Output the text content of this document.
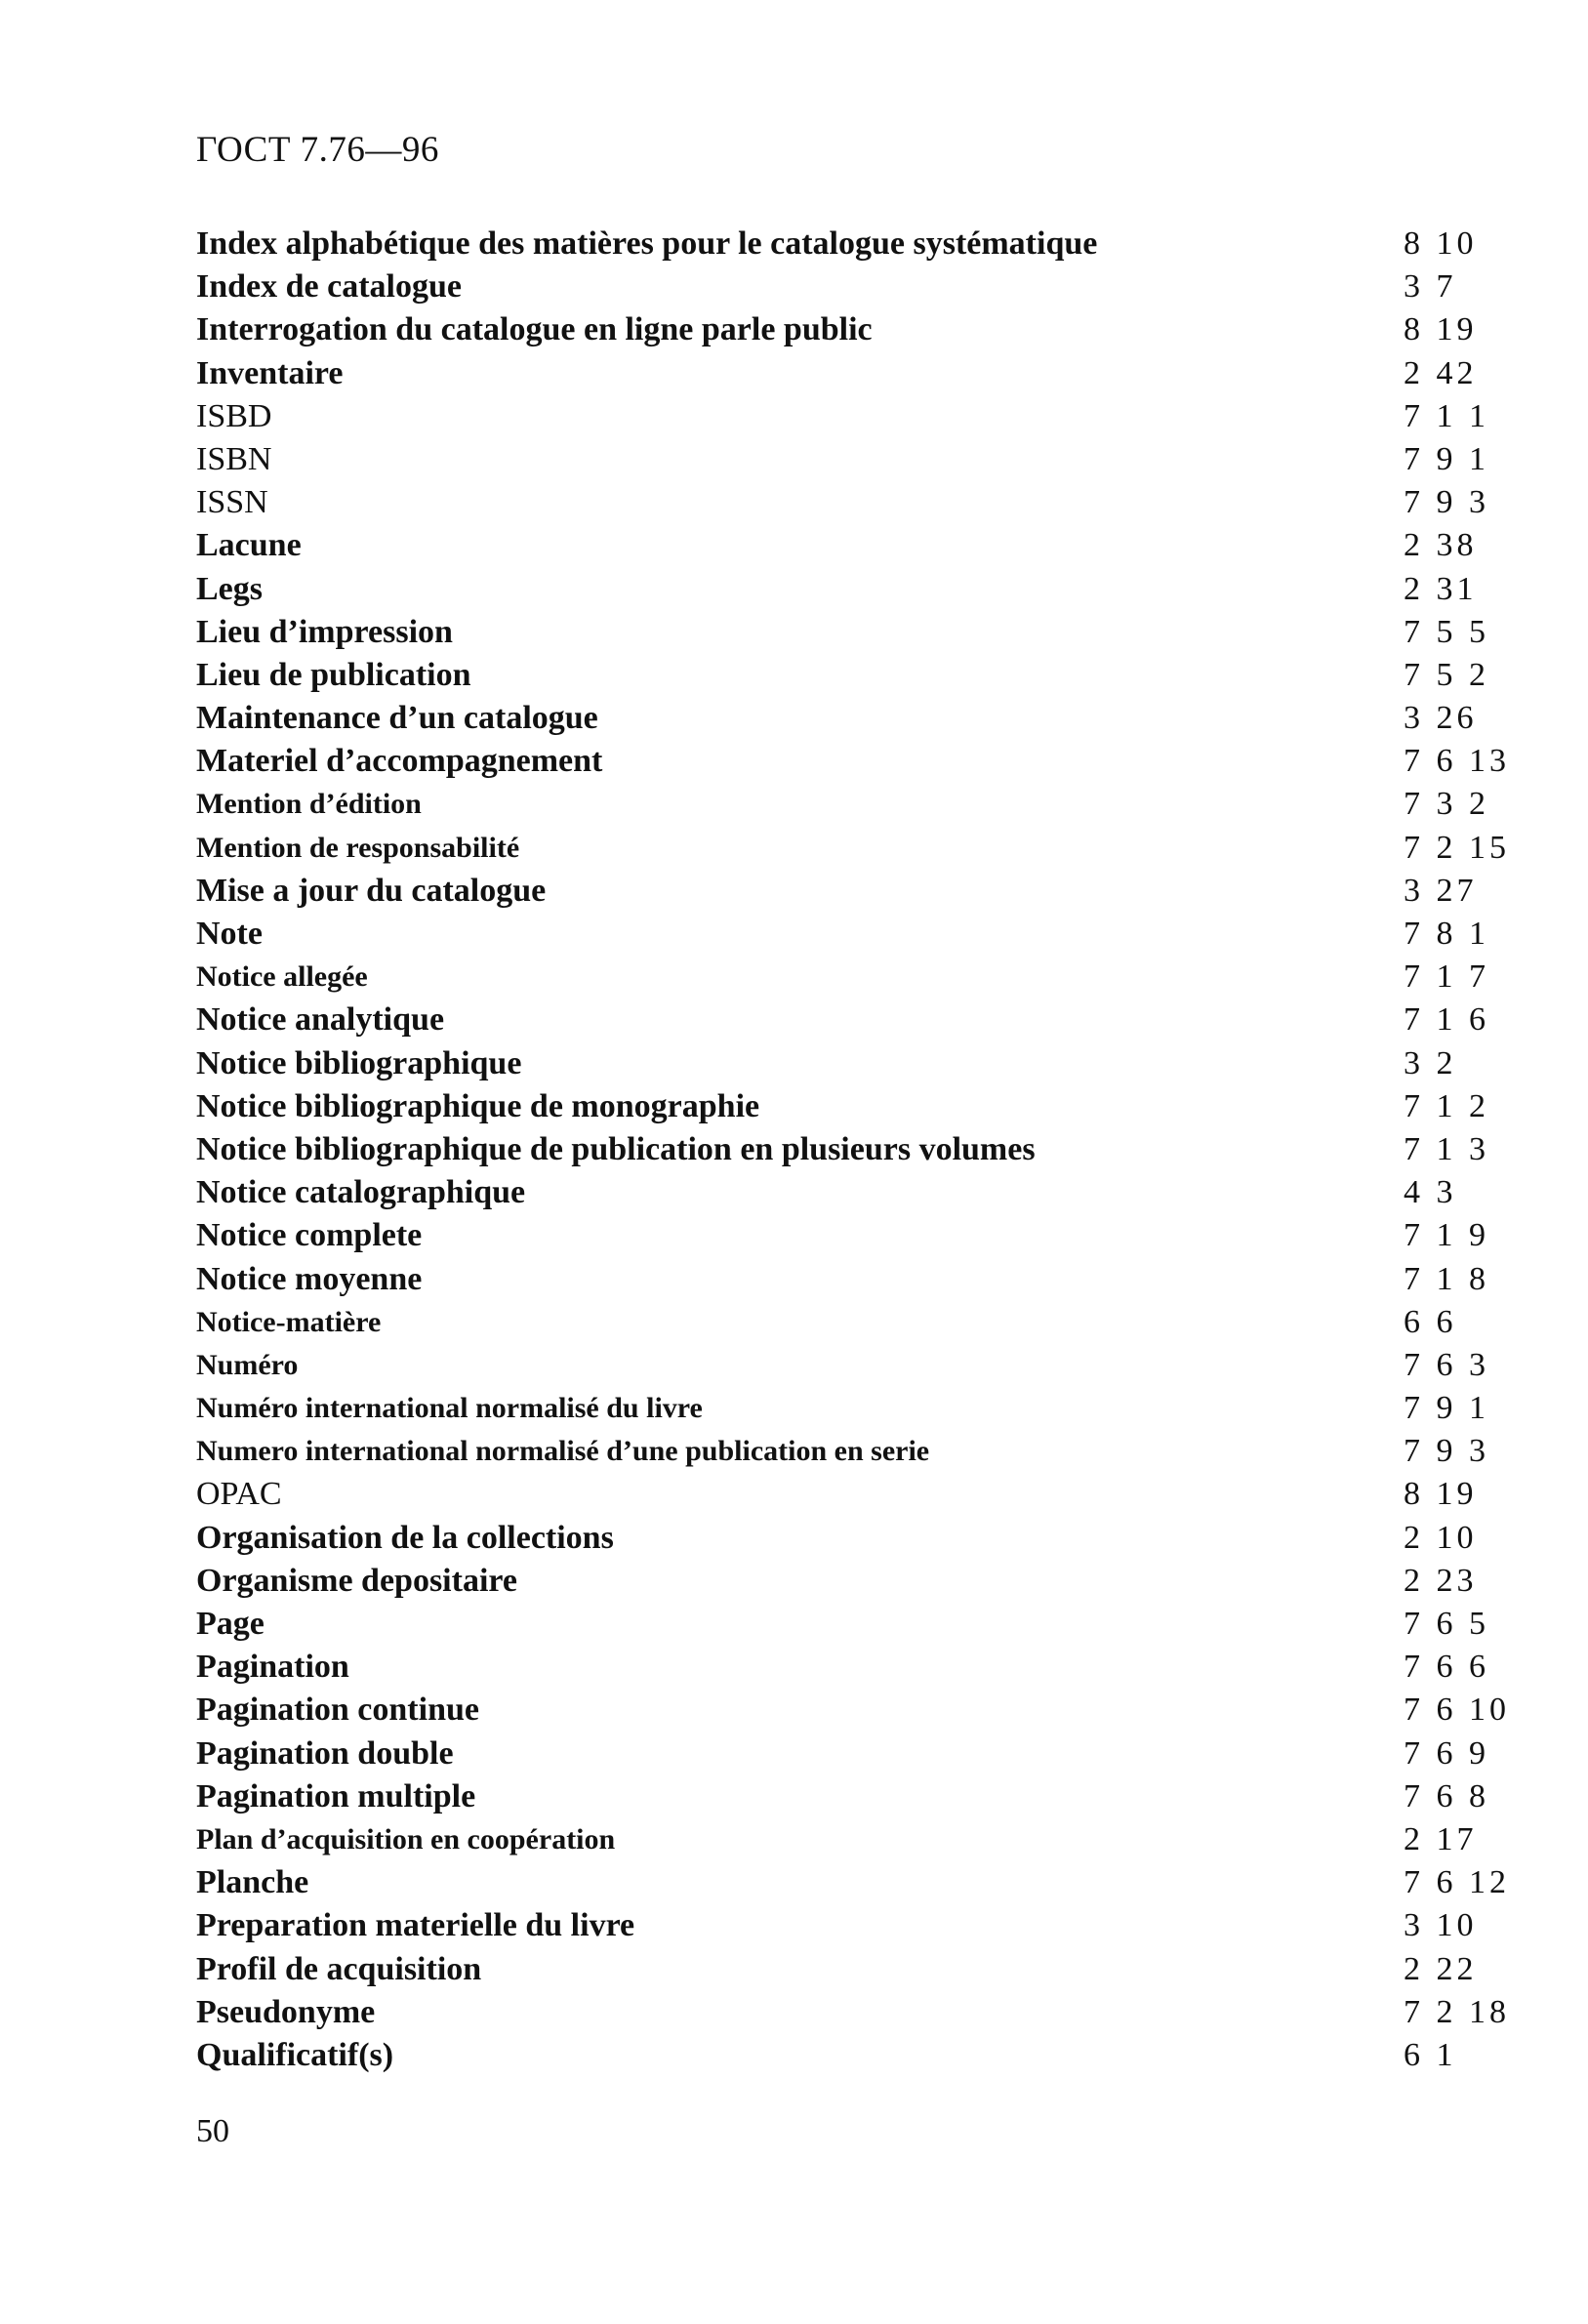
ГОСТ 7.76—96
Index alphabétique des matières pour le catalogue systématique	8 10
Index de catalogue	3 7
Interrogation du catalogue en ligne parle public	8 19
Inventaire	2 42
ISBD	7 1 1
ISBN	7 9 1
ISSN	7 9 3
Lacune	2 38
Legs	2 31
Lieu d’impression	7 5 5
Lieu de publication	7 5 2
Maintenance d’un catalogue	3 26
Materiel d’accompagnement	7 6 13
Mention d’édition	7 3 2
Mention de responsabilité	7 2 15
Mise a jour du catalogue	3 27
Note	7 8 1
Notice allegée	7 1 7
Notice analytique	7 1 6
Notice bibliographique	3 2
Notice bibliographique de monographie	7 1 2
Notice bibliographique de publication en plusieurs volumes	7 1 3
Notice catalographique	4 3
Notice complete	7 1 9
Notice moyenne	7 1 8
Notice-matière	6 6
Numéro	7 6 3
Numéro international normalisé du livre	7 9 1
Numero international normalisé d’une publication en serie	7 9 3
OPAC	8 19
Organisation de la collections	2 10
Organisme depositaire	2 23
Page	7 6 5
Pagination	7 6 6
Pagination continue	7 6 10
Pagination double	7 6 9
Pagination multiple	7 6 8
Plan d’acquisition en coopération	2 17
Planche	7 6 12
Preparation materielle du livre	3 10
Profil de acquisition	2 22
Pseudonyme	7 2 18
Qualificatif(s)	6 1
50
